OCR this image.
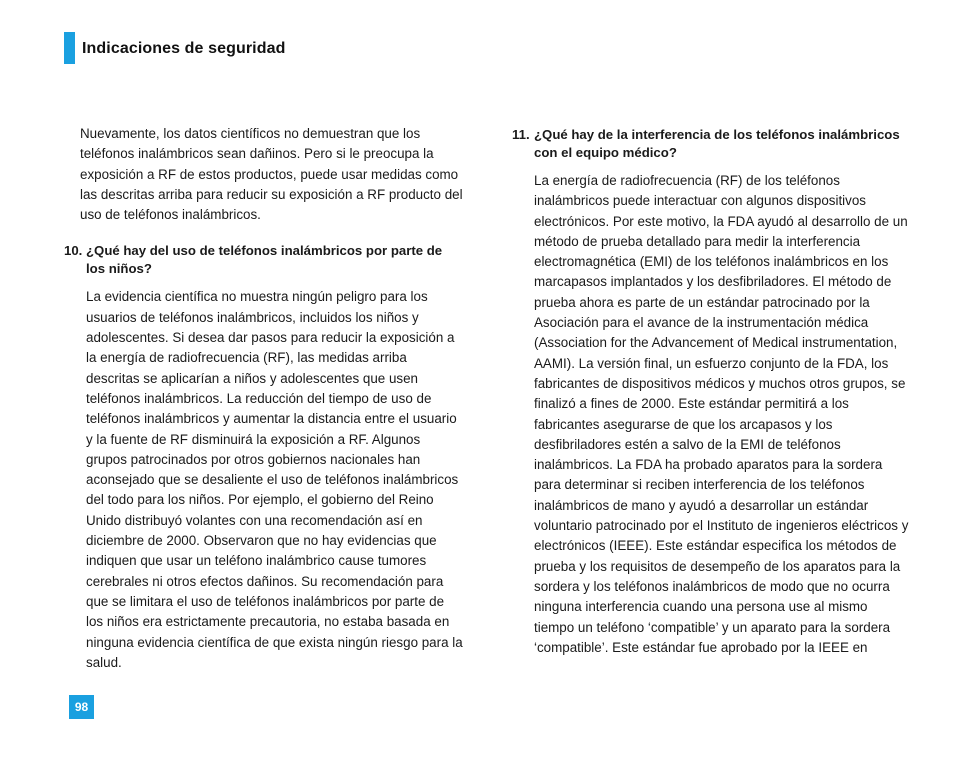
Indicaciones de seguridad

Nuevamente, los datos científicos no demuestran que los teléfonos inalámbricos sean dañinos. Pero si le preocupa la exposición a RF de estos productos, puede usar medidas como las descritas arriba para reducir su exposición a RF producto del uso de teléfonos inalámbricos.

10. ¿Qué hay del uso de teléfonos inalámbricos por parte de los niños?

La evidencia científica no muestra ningún peligro para los usuarios de teléfonos inalámbricos, incluidos los niños y adolescentes. Si desea dar pasos para reducir la exposición a la energía de radiofrecuencia (RF), las medidas arriba descritas se aplicarían a niños y adolescentes que usen teléfonos inalámbricos. La reducción del tiempo de uso de teléfonos inalámbricos y aumentar la distancia entre el usuario y la fuente de RF disminuirá la exposición a RF. Algunos grupos patrocinados por otros gobiernos nacionales han aconsejado que se desaliente el uso de teléfonos inalámbricos del todo para los niños. Por ejemplo, el gobierno del Reino Unido distribuyó volantes con una recomendación así en diciembre de 2000. Observaron que no hay evidencias que indiquen que usar un teléfono inalámbrico cause tumores cerebrales ni otros efectos dañinos. Su recomendación para que se limitara el uso de teléfonos inalámbricos por parte de los niños era estrictamente precautoria, no estaba basada en ninguna evidencia científica de que exista ningún riesgo para la salud.

11. ¿Qué hay de la interferencia de los teléfonos inalámbricos con el equipo médico?

La energía de radiofrecuencia (RF) de los teléfonos inalámbricos puede interactuar con algunos dispositivos electrónicos. Por este motivo, la FDA ayudó al desarrollo de un método de prueba detallado para medir la interferencia electromagnética (EMI) de los teléfonos inalámbricos en los marcapasos implantados y los desfibriladores. El método de prueba ahora es parte de un estándar patrocinado por la Asociación para el avance de la instrumentación médica (Association for the Advancement of Medical instrumentation, AAMI). La versión final, un esfuerzo conjunto de la FDA, los fabricantes de dispositivos médicos y muchos otros grupos, se finalizó a fines de 2000. Este estándar permitirá a los fabricantes asegurarse de que los arcapasos y los desfibriladores estén a salvo de la EMI de teléfonos inalámbricos. La FDA ha probado aparatos para la sordera para determinar si reciben interferencia de los teléfonos inalámbricos de mano y ayudó a desarrollar un estándar voluntario patrocinado por el Instituto de ingenieros eléctricos y electrónicos (IEEE). Este estándar especifica los métodos de prueba y los requisitos de desempeño de los aparatos para la sordera y los teléfonos inalámbricos de modo que no ocurra ninguna interferencia cuando una persona use al mismo tiempo un teléfono ‘compatible’ y un aparato para la sordera ‘compatible’. Este estándar fue aprobado por la IEEE en

98
